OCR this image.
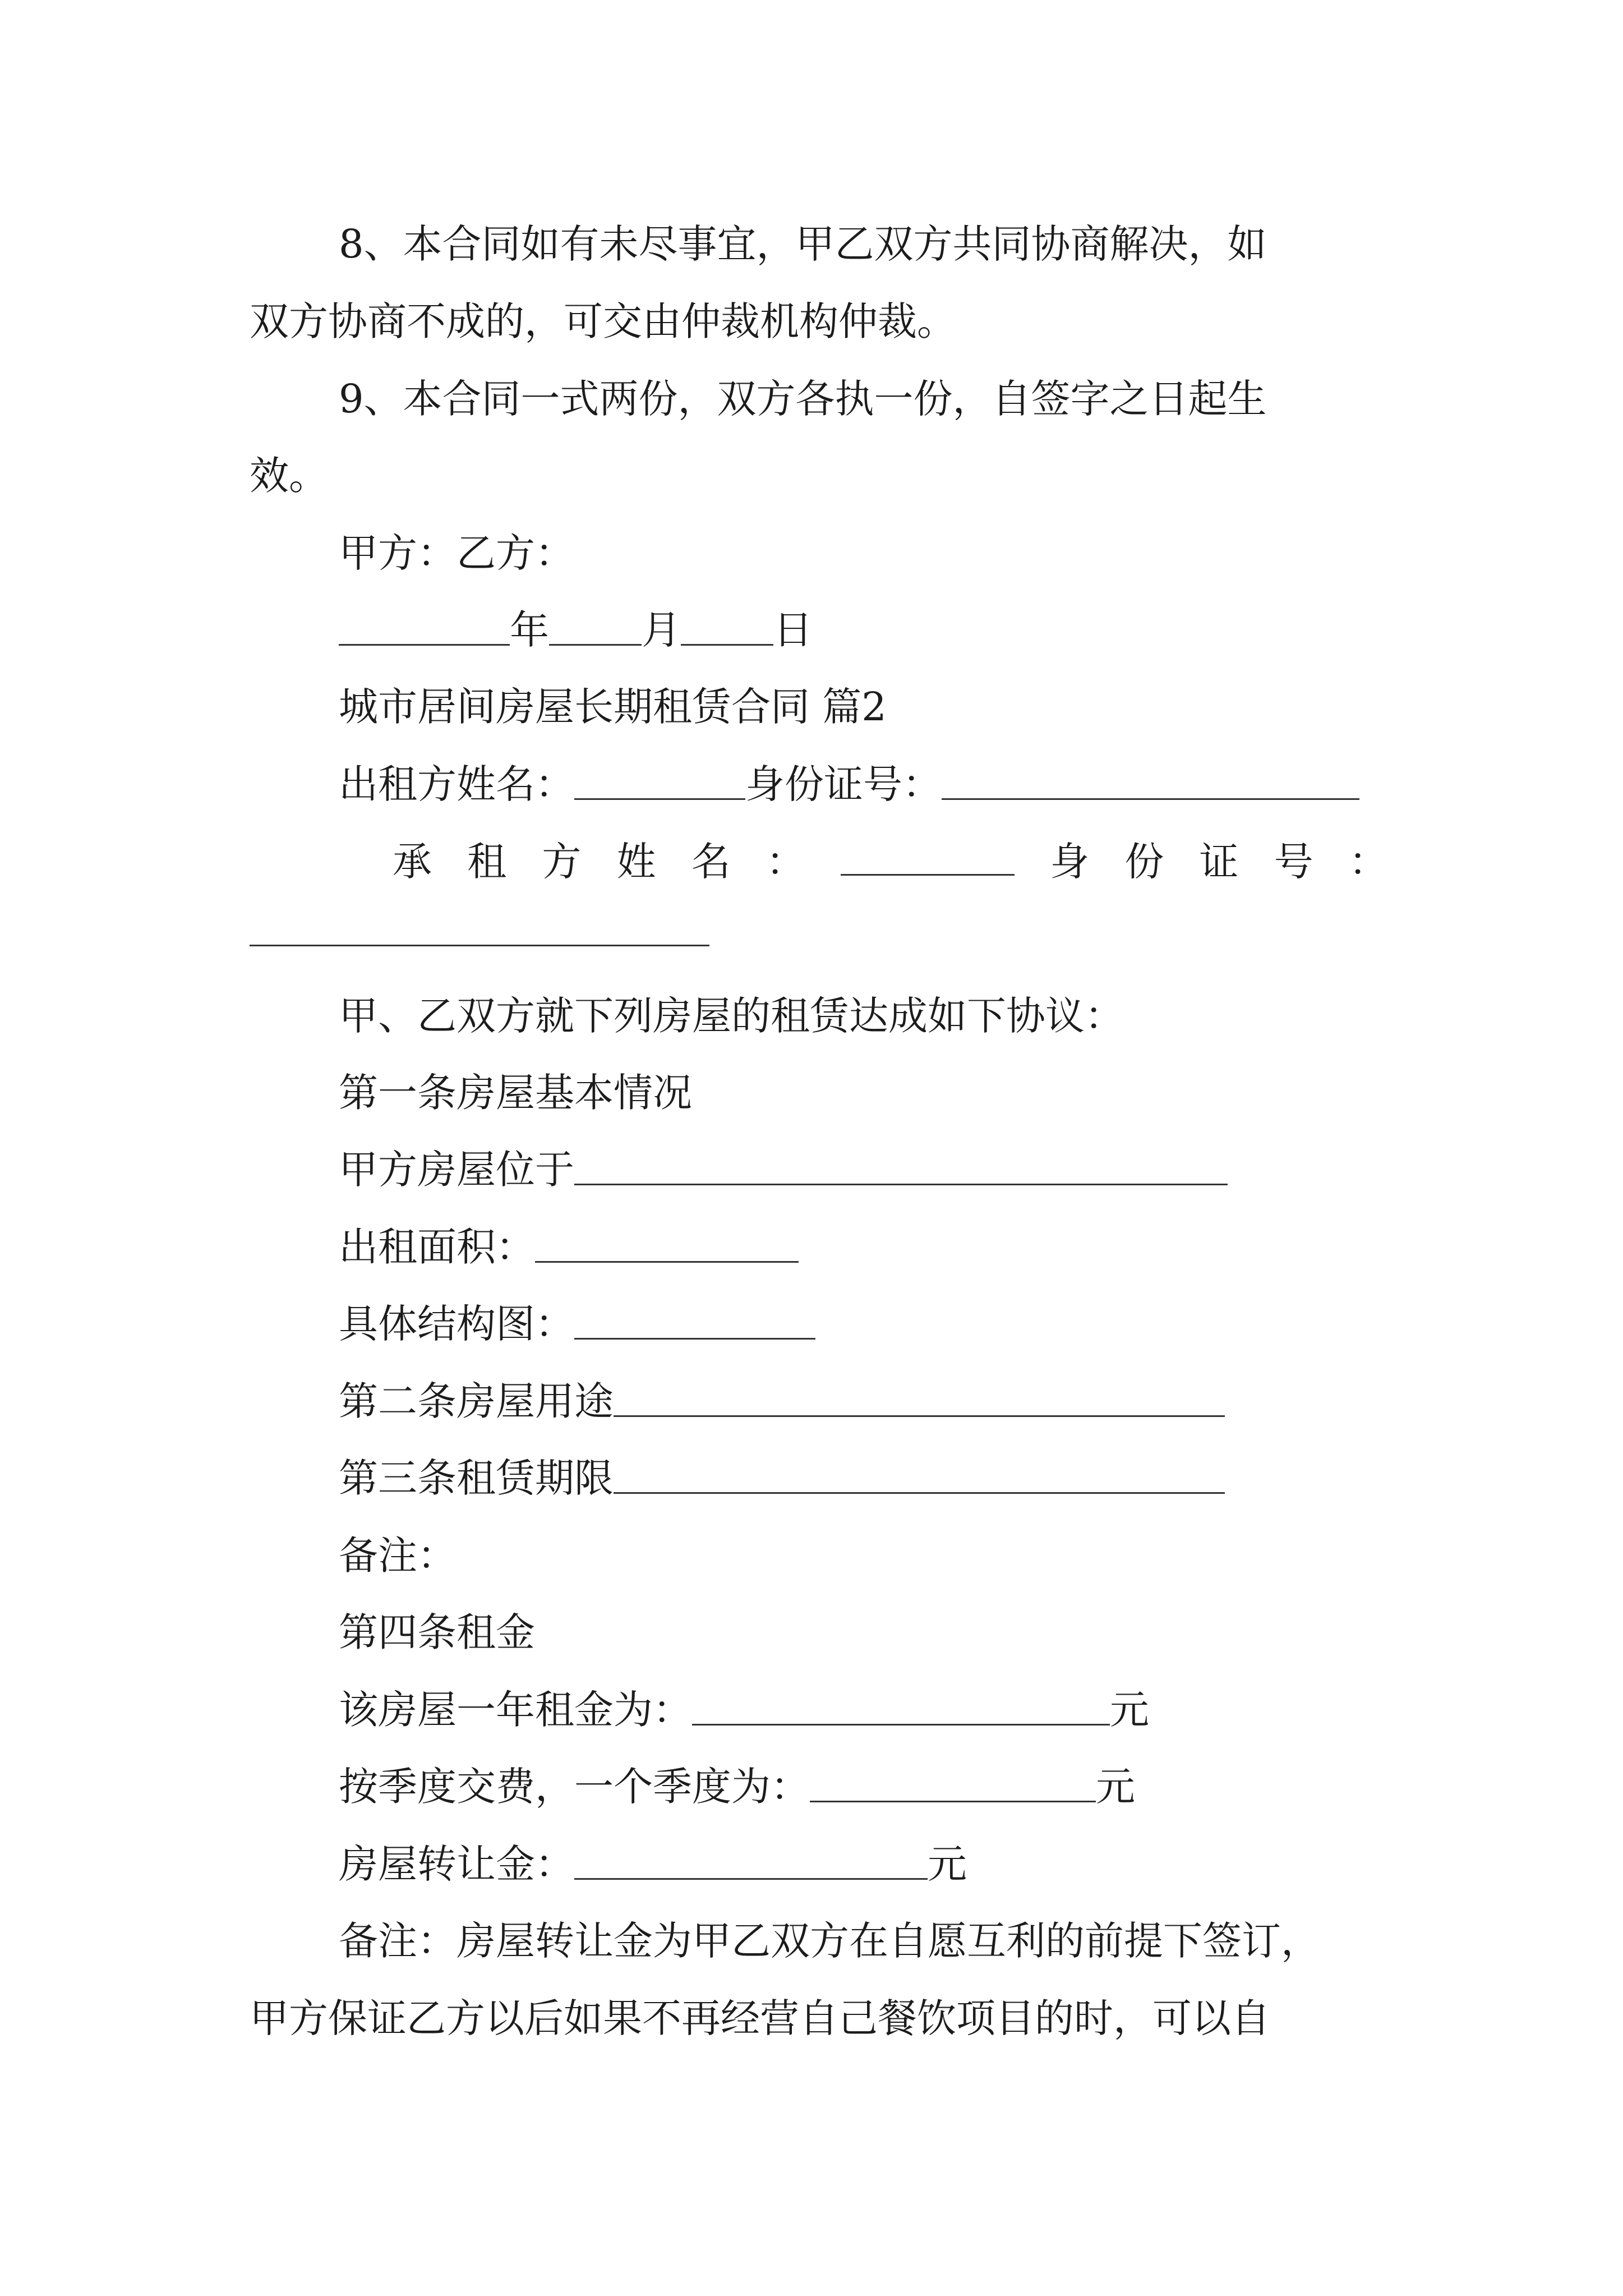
8、本合同如有未尽事宜，甲乙双方共同协商解决，如
双方协商不成的，可交由仲裁机构仲裁。
9、本合同一式两份，双方各执一份，自签字之日起生
效。
甲方：乙方：
年 月 日
城市居间房屋长期租赁合同 篇2
出租方姓名：	身份证号：
承 租 方 姓 名 ：	身 份 证 号 ：
甲、乙双方就下列房屋的租赁达成如下协议：
第一条房屋基本情况
甲方房屋位于
出租面积：
具体结构图：
第二条房屋用途
第三条租赁期限
备注：
第四条租金
该房屋一年租金为：	元
按季度交费，一个季度为：	元
房屋转让金：	元
备注：房屋转让金为甲乙双方在自愿互利的前提下签订，
甲方保证乙方以后如果不再经营自己餐饮项目的时，可以自
